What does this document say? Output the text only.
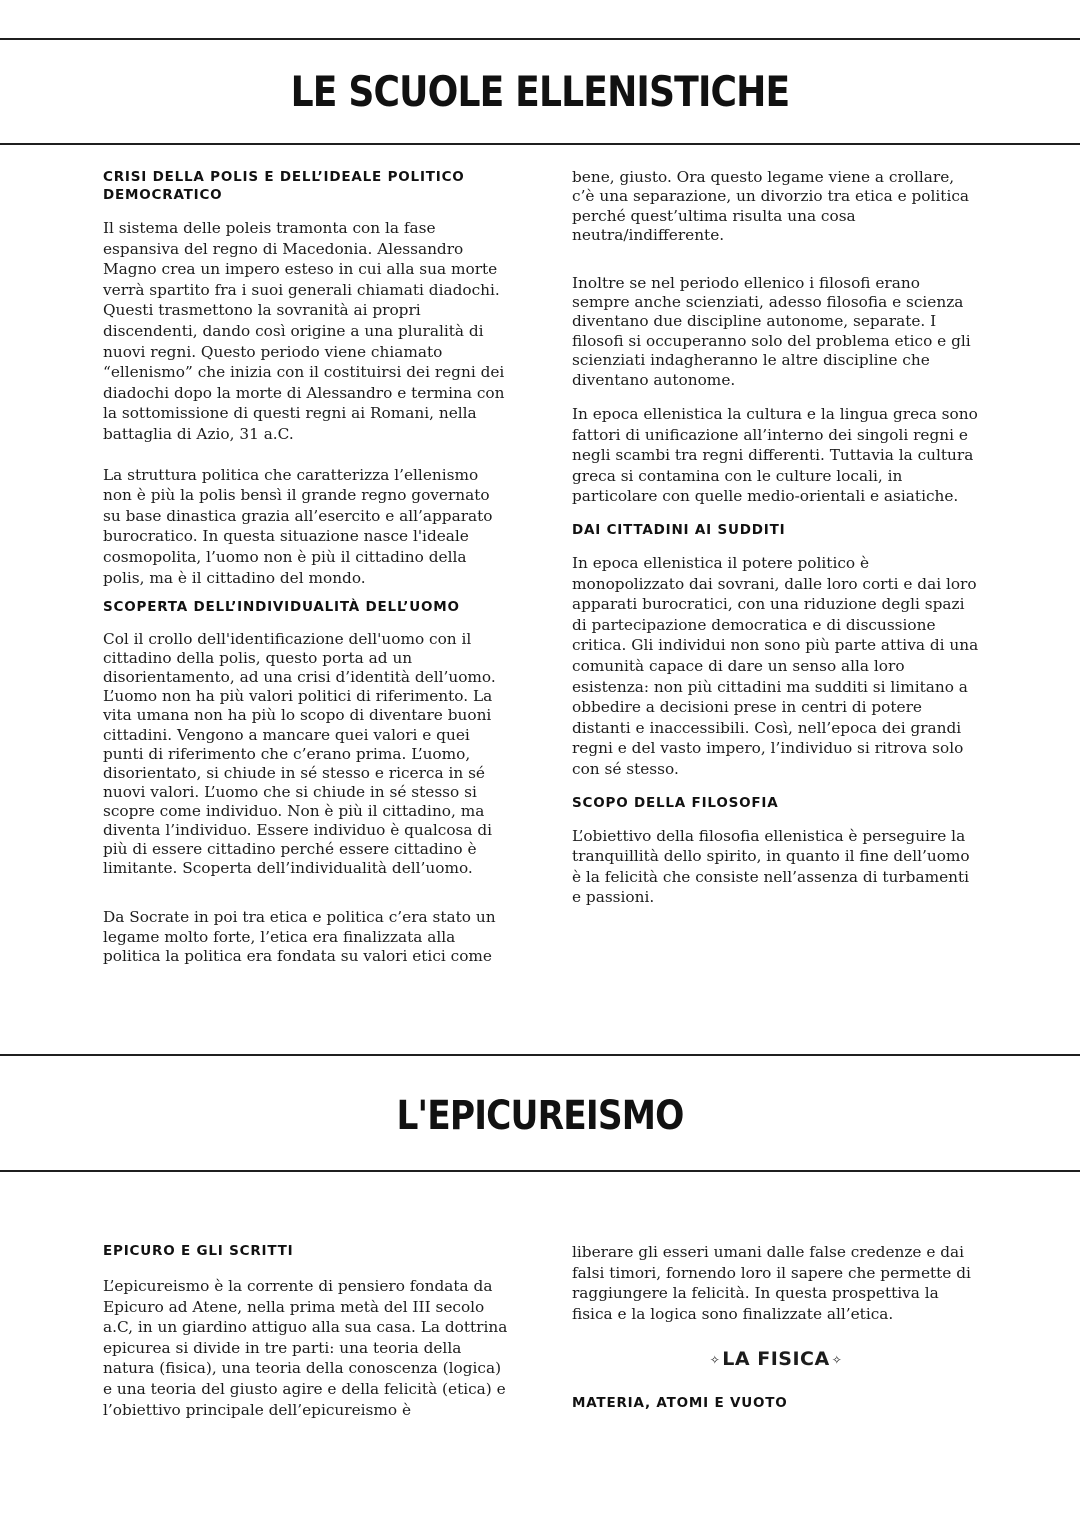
LE SCUOLE ELLENISTICHE

CRISI DELLA POLIS E DELL’IDEALE POLITICO DEMOCRATICO

Il sistema delle poleis tramonta con la fase espansiva del regno di Macedonia. Alessandro Magno crea un impero esteso in cui alla sua morte verrà spartito fra i suoi generali chiamati diadochi. Questi trasmettono la sovranità ai propri discendenti, dando così origine a una pluralità di nuovi regni. Questo periodo viene chiamato “ellenismo” che inizia con il costituirsi dei regni dei diadochi dopo la morte di Alessandro e termina con la sottomissione di questi regni ai Romani, nella battaglia di Azio, 31 a.C.

La struttura politica che caratterizza l’ellenismo non è più la polis bensì il grande regno governato su base dinastica grazia all’esercito e all’apparato burocratico. In questa situazione nasce l'ideale cosmopolita, l’uomo non è più il cittadino della polis, ma è il cittadino del mondo.

SCOPERTA DELL’INDIVIDUALITÀ DELL’UOMO

Col il crollo dell'identificazione dell'uomo con il cittadino della polis, questo porta ad un disorientamento, ad una crisi d’identità dell’uomo. L’uomo non ha più valori politici di riferimento. La vita umana non ha più lo scopo di diventare buoni cittadini. Vengono a mancare quei valori e quei punti di riferimento che c’erano prima. L’uomo, disorientato, si chiude in sé stesso e ricerca in sé nuovi valori. L’uomo che si chiude in sé stesso si scopre come individuo. Non è più il cittadino, ma diventa l’individuo. Essere individuo è qualcosa di più di essere cittadino perché essere cittadino è limitante. Scoperta dell’individualità dell’uomo.

Da Socrate in poi tra etica e politica c’era stato un legame molto forte, l’etica era finalizzata alla politica la politica era fondata su valori etici come

bene, giusto. Ora questo legame viene a crollare, c’è una separazione, un divorzio tra etica e politica perché quest’ultima risulta una cosa neutra/indifferente.

Inoltre se nel periodo ellenico i filosofi erano sempre anche scienziati, adesso filosofia e scienza diventano due discipline autonome, separate. I filosofi si occuperanno solo del problema etico e gli scienziati indagheranno le altre discipline che diventano autonome.

In epoca ellenistica la cultura e la lingua greca sono fattori di unificazione all’interno dei singoli regni e negli scambi tra regni differenti. Tuttavia la cultura greca si contamina con le culture locali, in particolare con quelle medio-orientali e asiatiche.

DAI CITTADINI AI SUDDITI

In epoca ellenistica il potere politico è monopolizzato dai sovrani, dalle loro corti e dai loro apparati burocratici, con una riduzione degli spazi di partecipazione democratica e di discussione critica. Gli individui non sono più parte attiva di una comunità capace di dare un senso alla loro esistenza: non più cittadini ma sudditi si limitano a obbedire a decisioni prese in centri di potere distanti e inaccessibili. Così, nell’epoca dei grandi regni e del vasto impero, l’individuo si ritrova solo con sé stesso.

SCOPO DELLA FILOSOFIA

L’obiettivo della filosofia ellenistica è perseguire la tranquillità dello spirito, in quanto il fine dell’uomo è la felicità che consiste nell’assenza di turbamenti e passioni.

L'EPICUREISMO

EPICURO E GLI SCRITTI

L’epicureismo è la corrente di pensiero fondata da Epicuro ad Atene, nella prima metà del III secolo a.C, in un giardino attiguo alla sua casa. La dottrina epicurea si divide in tre parti: una teoria della natura (fisica), una teoria della conoscenza (logica) e una teoria del giusto agire e della felicità (etica) e l’obiettivo principale dell’epicureismo è

liberare gli esseri umani dalle false credenze e dai falsi timori, fornendo loro il sapere che permette di raggiungere la felicità. In questa prospettiva la fisica e la logica sono finalizzate all’etica.

✧ LA FISICA ✧

MATERIA, ATOMI E VUOTO
